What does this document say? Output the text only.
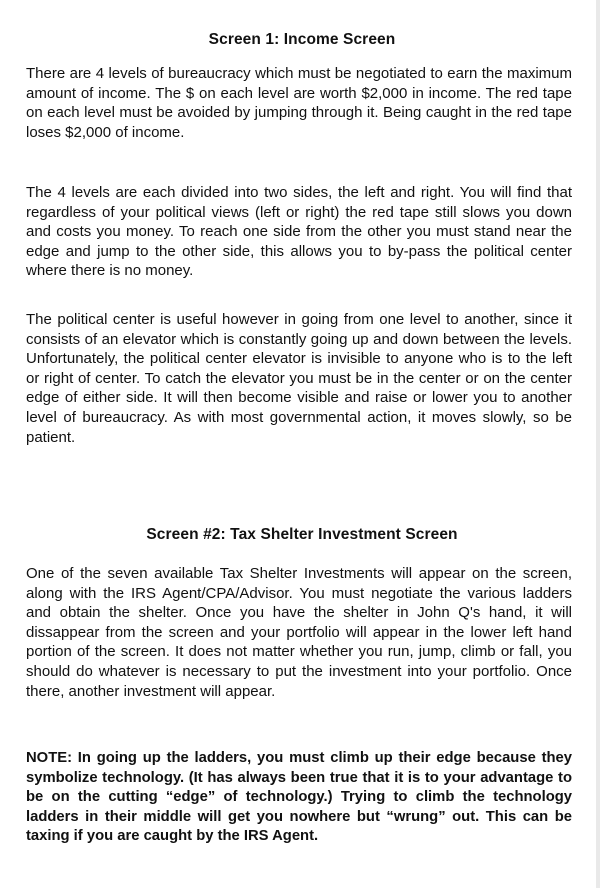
Screen 1: Income Screen

There are 4 levels of bureaucracy which must be negotiated to earn the maximum amount of income. The $ on each level are worth $2,000 in income. The red tape on each level must be avoided by jumping through it. Being caught in the red tape loses $2,000 of income.

The 4 levels are each divided into two sides, the left and right. You will find that regardless of your political views (left or right) the red tape still slows you down and costs you money. To reach one side from the other you must stand near the edge and jump to the other side, this allows you to by-pass the political center where there is no money.

The political center is useful however in going from one level to another, since it consists of an elevator which is constantly going up and down between the levels. Unfortunately, the political center elevator is invisible to anyone who is to the left or right of center. To catch the elevator you must be in the center or on the center edge of either side. It will then become visible and raise or lower you to another level of bureaucracy. As with most governmental action, it moves slowly, so be patient.

Screen #2: Tax Shelter Investment Screen

One of the seven available Tax Shelter Investments will appear on the screen, along with the IRS Agent/CPA/Advisor. You must negotiate the various ladders and obtain the shelter. Once you have the shelter in John Q's hand, it will dissappear from the screen and your portfolio will appear in the lower left hand portion of the screen. It does not matter whether you run, jump, climb or fall, you should do whatever is necessary to put the investment into your portfolio. Once there, another investment will appear.

NOTE: In going up the ladders, you must climb up their edge because they symbolize technology. (It has always been true that it is to your advantage to be on the cutting “edge” of technology.) Trying to climb the technology ladders in their middle will get you nowhere but “wrung” out. This can be taxing if you are caught by the IRS Agent.
